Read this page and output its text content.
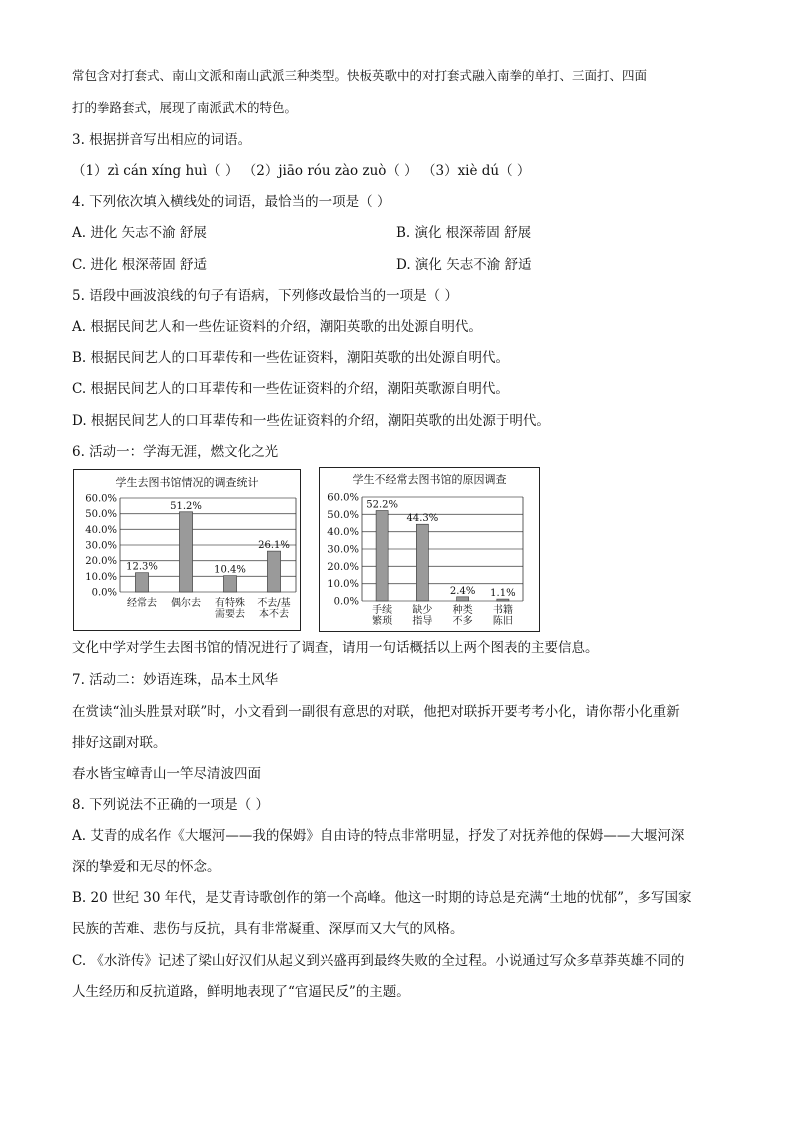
常包含对打套式、南山文派和南山武派三种类型。快板英歌中的对打套式融入南拳的单打、三面打、四面
打的拳路套式，展现了南派武术的特色。
3. 根据拼音写出相应的词语。
（1）zì cán xíng huì（ ） （2）jiāo róu zào zuò（ ） （3）xiè dú（ ）
4. 下列依次填入横线处的词语，最恰当的一项是（ ）
A. 进化 矢志不渝 舒展	B. 演化 根深蒂固 舒展
C. 进化 根深蒂固 舒适	D. 演化 矢志不渝 舒适
5. 语段中画波浪线的句子有语病，下列修改最恰当的一项是（ ）
A. 根据民间艺人和一些佐证资料的介绍，潮阳英歌的出处源自明代。
B. 根据民间艺人的口耳辈传和一些佐证资料，潮阳英歌的出处源自明代。
C. 根据民间艺人的口耳辈传和一些佐证资料的介绍，潮阳英歌源自明代。
D. 根据民间艺人的口耳辈传和一些佐证资料的介绍，潮阳英歌的出处源于明代。
6. 活动一：学海无涯，燃文化之光
学生去图书馆情况的调查统计
0.0%
10.0%
20.0%
30.0%
40.0%
50.0%
60.0%
12.3%
经常去
51.2%
偶尔去
10.4%
有特殊
需要去
26.1%
不去/基
本不去
学生不经常去图书馆的原因调查
0.0%
10.0%
20.0%
30.0%
40.0%
50.0%
60.0%
52.2%
手续
繁琐
44.3%
缺少
指导
2.4%
种类
不多
1.1%
书籍
陈旧
文化中学对学生去图书馆的情况进行了调查，请用一句话概括以上两个图表的主要信息。
7. 活动二：妙语连珠，品本土风华
在赏读“汕头胜景对联”时，小文看到一副很有意思的对联，他把对联拆开要考考小化，请你帮小化重新
排好这副对联。
春水皆宝嶂青山一竿尽清波四面
8. 下列说法不正确的一项是（ ）
A. 艾青的成名作《大堰河——我的保姆》自由诗的特点非常明显，抒发了对抚养他的保姆——大堰河深
深的挚爱和无尽的怀念。
B. 20 世纪 30 年代，是艾青诗歌创作的第一个高峰。他这一时期的诗总是充满“土地的忧郁”，多写国家
民族的苦难、悲伤与反抗，具有非常凝重、深厚而又大气的风格。
C. 《水浒传》记述了梁山好汉们从起义到兴盛再到最终失败的全过程。小说通过写众多草莽英雄不同的
人生经历和反抗道路，鲜明地表现了“官逼民反”的主题。
